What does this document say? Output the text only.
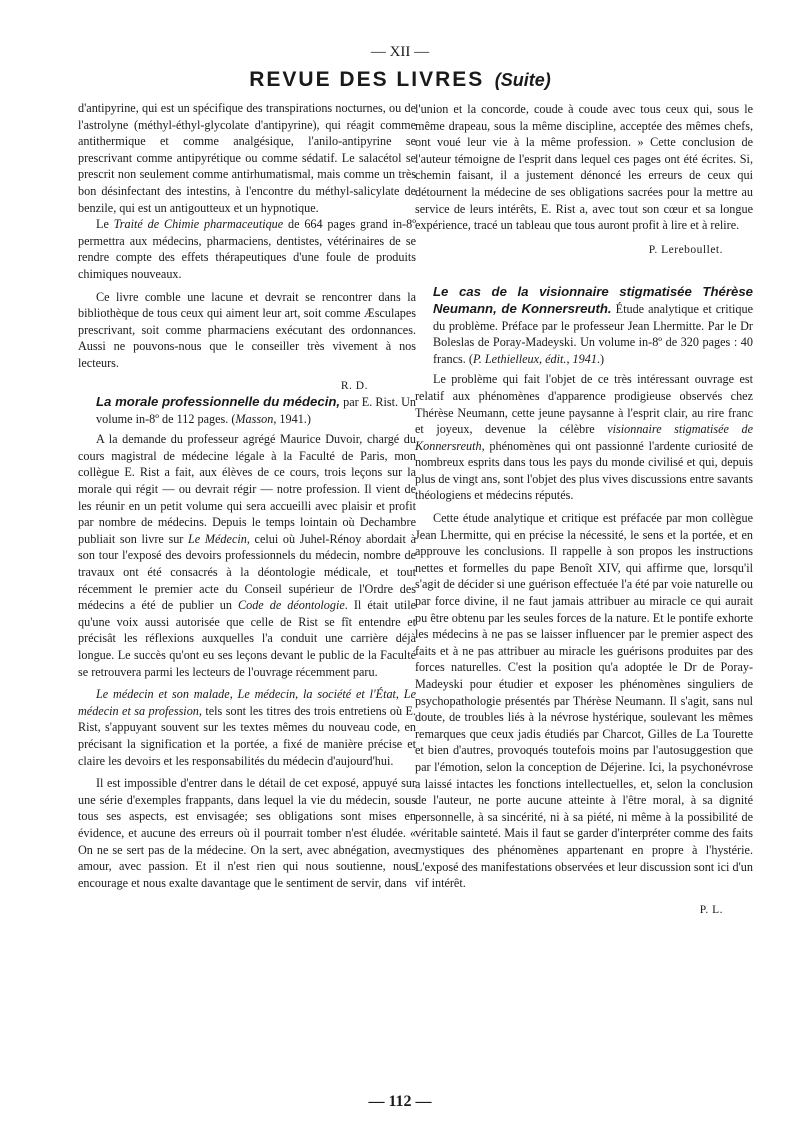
— XII —
REVUE DES LIVRES (Suite)

d'antipyrine, qui est un spécifique des transpirations nocturnes, ou de l'astrolyne (méthyl-éthyl-glycolate d'antipyrine), qui réagit comme antithermique et comme analgésique, l'anilo-antipyrine se prescrivant comme antipyrétique ou comme sédatif. Le salacétol se prescrit non seulement comme antirhumatismal, mais comme un très bon désinfectant des intestins, à l'encontre du méthyl-salicylate de benzile, qui est un antigoutteux et un hypnotique.

Le Traité de Chimie pharmaceutique de 664 pages grand in-8º permettra aux médecins, pharmaciens, dentistes, vétérinaires de se rendre compte des effets thérapeutiques d'une foule de produits chimiques nouveaux.

Ce livre comble une lacune et devrait se rencontrer dans la bibliothèque de tous ceux qui aiment leur art, soit comme Æsculapes prescrivant, soit comme pharmaciens exécutant des ordonnances. Aussi ne pouvons-nous que le conseiller très vivement à nos lecteurs.

R. D.

La morale professionnelle du médecin, par E. Rist. Un volume in-8º de 112 pages. (Masson, 1941.)

A la demande du professeur agrégé Maurice Duvoir, chargé du cours magistral de médecine légale à la Faculté de Paris, mon collègue E. Rist a fait, aux élèves de ce cours, trois leçons sur la morale qui régit — ou devrait régir — notre profession. Il vient de les réunir en un petit volume qui sera accueilli avec plaisir et profit par nombre de médecins. Depuis le temps lointain où Dechambre publiait son livre sur Le Médecin, celui où Juhel-Rénoy abordait à son tour l'exposé des devoirs professionnels du médecin, nombre de travaux ont été consacrés à la déontologie médicale, et tout récemment le premier acte du Conseil supérieur de l'Ordre des médecins a été de publier un Code de déontologie. Il était utile qu'une voix aussi autorisée que celle de Rist se fît entendre et précisât les réflexions auxquelles l'a conduit une carrière déjà longue. Le succès qu'ont eu ses leçons devant le public de la Faculté se retrouvera parmi les lecteurs de l'ouvrage récemment paru.

Le médecin et son malade, Le médecin, la société et l'État, Le médecin et sa profession, tels sont les titres des trois entretiens où E. Rist, s'appuyant souvent sur les textes mêmes du nouveau code, en précisant la signification et la portée, a fixé de manière précise et claire les devoirs et les responsabilités du médecin d'aujourd'hui.

Il est impossible d'entrer dans le détail de cet exposé, appuyé sur une série d'exemples frappants, dans lequel la vie du médecin, sous tous ses aspects, est envisagée; ses obligations sont mises en évidence, et aucune des erreurs où il pourrait tomber n'est éludée. « On ne se sert pas de la médecine. On la sert, avec abnégation, avec amour, avec passion. Et il n'est rien qui nous soutienne, nous encourage et nous exalte davantage que le sentiment de servir, dans

l'union et la concorde, coude à coude avec tous ceux qui, sous le même drapeau, sous la même discipline, acceptée des mêmes chefs, ont voué leur vie à la même profession. » Cette conclusion de l'auteur témoigne de l'esprit dans lequel ces pages ont été écrites. Si, chemin faisant, il a justement dénoncé les erreurs de ceux qui détournent la médecine de ses obligations sacrées pour la mettre au service de leurs intérêts, E. Rist a, avec tout son cœur et sa longue expérience, tracé un tableau que tous auront profit à lire et à relire.

P. Lereboullet.

Le cas de la visionnaire stigmatisée Thérèse Neumann, de Konnersreuth. Étude analytique et critique du problème. Préface par le professeur Jean Lhermitte. Par le Dr Boleslas de Poray-Madeyski. Un volume in-8º de 320 pages : 40 francs. (P. Lethielleux, édit., 1941.)

Le problème qui fait l'objet de ce très intéressant ouvrage est relatif aux phénomènes d'apparence prodigieuse observés chez Thérèse Neumann, cette jeune paysanne à l'esprit clair, au rire franc et joyeux, devenue la célèbre visionnaire stigmatisée de Konnersreuth, phénomènes qui ont passionné l'ardente curiosité de nombreux esprits dans tous les pays du monde civilisé et qui, depuis plus de vingt ans, sont l'objet des plus vives discussions entre savants théologiens et médecins réputés.

Cette étude analytique et critique est préfacée par mon collègue Jean Lhermitte, qui en précise la nécessité, le sens et la portée, et en approuve les conclusions. Il rappelle à son propos les instructions nettes et formelles du pape Benoît XIV, qui affirme que, lorsqu'il s'agit de décider si une guérison effectuée l'a été par voie naturelle ou par force divine, il ne faut jamais attribuer au miracle ce qui aurait pu être obtenu par les seules forces de la nature. Et le pontife exhorte les médecins à ne pas se laisser influencer par le premier aspect des faits et à ne pas attribuer au miracle les guérisons produites par des forces naturelles. C'est la position qu'a adoptée le Dr de Poray-Madeyski pour étudier et exposer les phénomènes singuliers de psychopathologie présentés par Thérèse Neumann. Il s'agit, sans nul doute, de troubles liés à la névrose hystérique, soulevant les mêmes remarques que ceux jadis étudiés par Charcot, Gilles de La Tourette et bien d'autres, provoqués toutefois moins par l'autosuggestion que par l'émotion, selon la conception de Déjerine. Ici, la psychonévrose a laissé intactes les fonctions intellectuelles, et, selon la conclusion de l'auteur, ne porte aucune atteinte à l'être moral, à sa dignité personnelle, à sa sincérité, ni à sa piété, ni même à la possibilité de véritable sainteté. Mais il faut se garder d'interpréter comme des faits mystiques des phénomènes appartenant en propre à l'hystérie. L'exposé des manifestations observées et leur discussion sont ici d'un vif intérêt.

P. L.
— 112 —
